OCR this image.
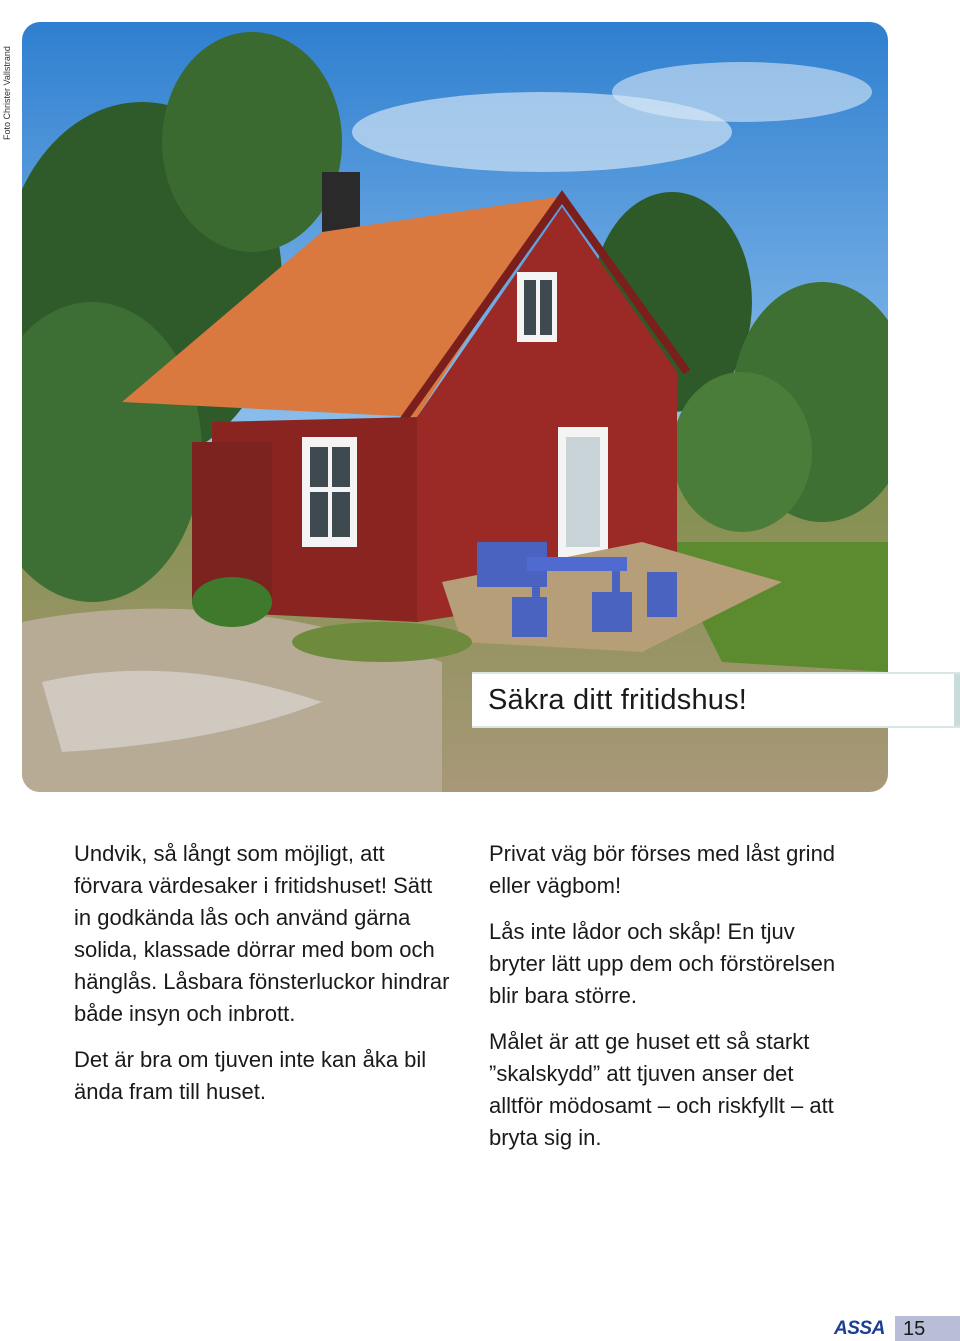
Foto Christer Vallstrand
Säkra ditt fritidshus!

Undvik, så långt som möjligt, att förvara värdesaker i fritidshuset! Sätt in godkända lås och använd gärna solida, klassade dörrar med bom och hänglås. Låsbara fönsterluckor hindrar både insyn och inbrott.

Det är bra om tjuven inte kan åka bil ända fram till huset.

Privat väg bör förses med låst grind eller vägbom!

Lås inte lådor och skåp! En tjuv bryter lätt upp dem och förstörelsen blir bara större.

Målet är att ge huset ett så starkt ”skalskydd” att tjuven anser det alltför mödosamt – och riskfyllt – att bryta sig in.

ASSA 15
